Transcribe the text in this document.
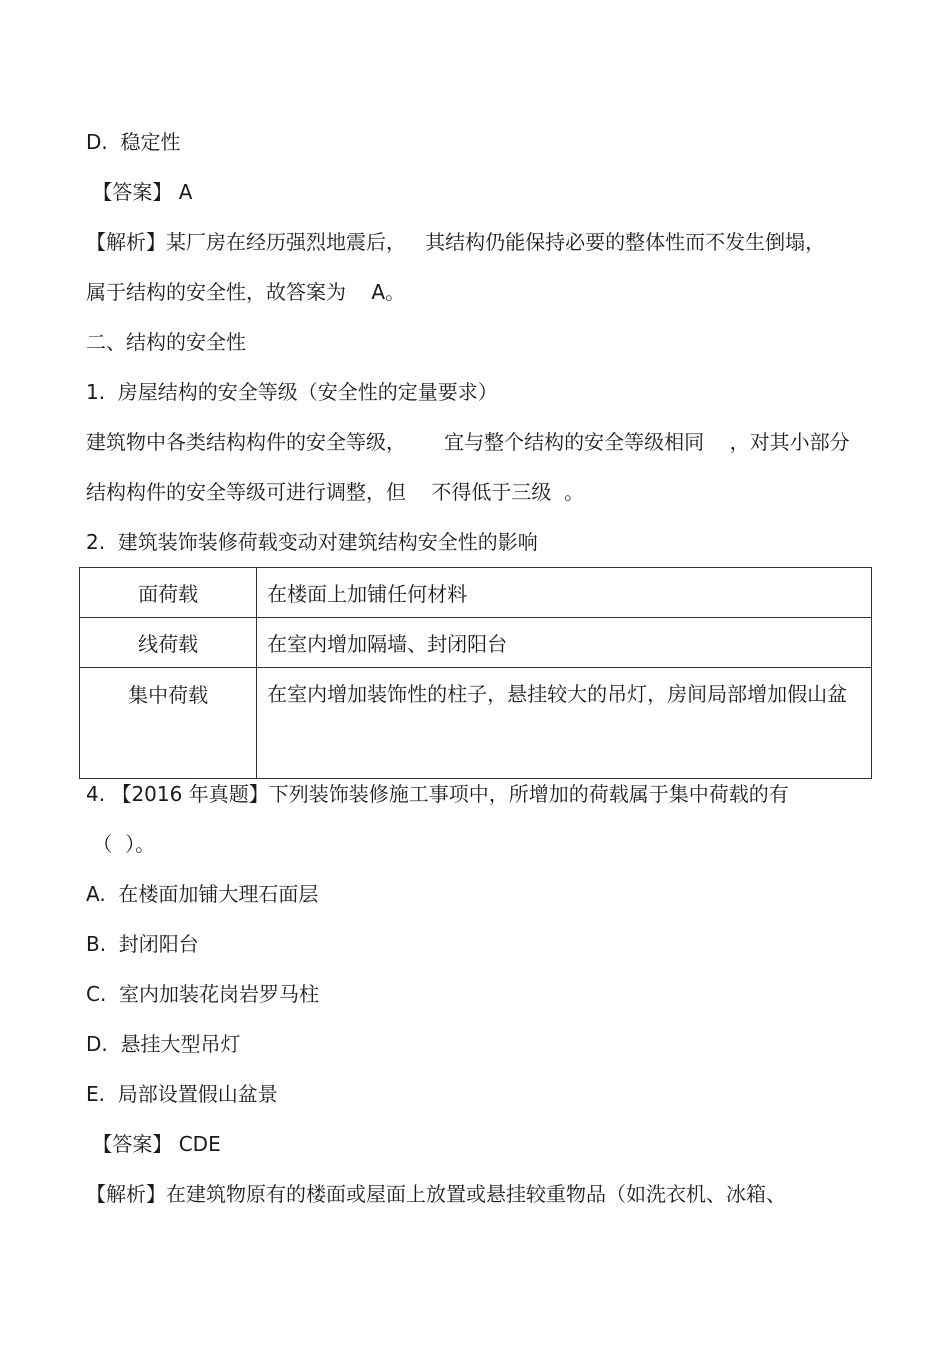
D.  稳定性

【答案】 A

【解析】某厂房在经历强烈地震后，   其结构仍能保持必要的整体性而不发生倒塌，

属于结构的安全性，故答案为    A。

二、结构的安全性

1.  房屋结构的安全等级（安全性的定量要求）

建筑物中各类结构构件的安全等级，      宜与整个结构的安全等级相同    ，对其小部分

结构构件的安全等级可进行调整，但    不得低于三级  。

2.  建筑装饰装修荷载变动对建筑结构安全性的影响

面荷载	在楼面上加铺任何材料
线荷载	在室内增加隔墙、封闭阳台
集中荷载	在室内增加装饰性的柱子，悬挂较大的吊灯，房间局部增加假山盆

4. 【2016 年真题】下列装饰装修施工事项中，所增加的荷载属于集中荷载的有

（  ）。

A.  在楼面加铺大理石面层

B.  封闭阳台

C.  室内加装花岗岩罗马柱

D.  悬挂大型吊灯

E.  局部设置假山盆景

【答案】 CDE

【解析】在建筑物原有的楼面或屋面上放置或悬挂较重物品（如洗衣机、冰箱、
